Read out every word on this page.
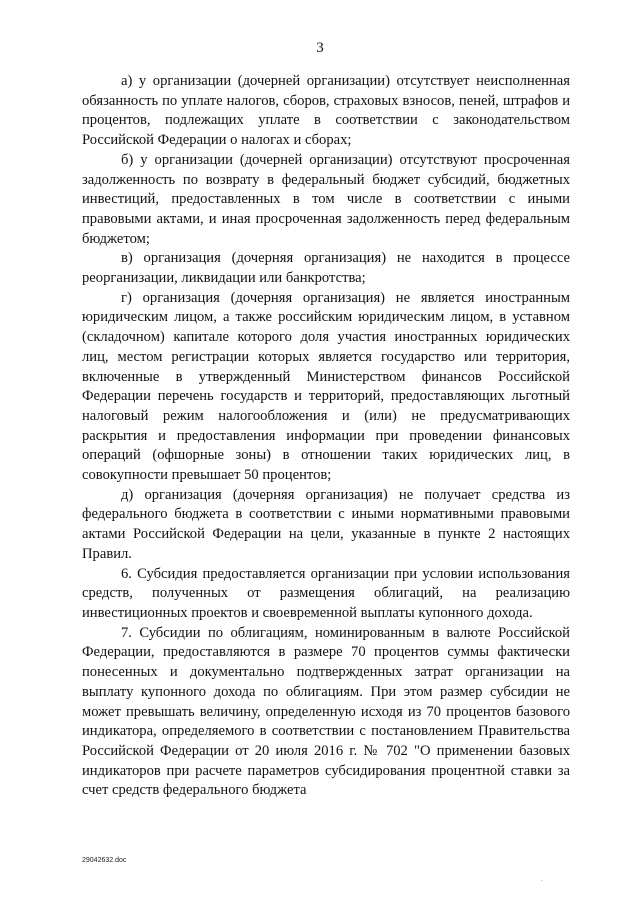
3

а) у организации (дочерней организации) отсутствует неисполненная обязанность по уплате налогов, сборов, страховых взносов, пеней, штрафов и процентов, подлежащих уплате в соответствии с законодательством Российской Федерации о налогах и сборах;

б) у организации (дочерней организации) отсутствуют просроченная задолженность по возврату в федеральный бюджет субсидий, бюджетных инвестиций, предоставленных в том числе в соответствии с иными правовыми актами, и иная просроченная задолженность перед федеральным бюджетом;

в) организация (дочерняя организация) не находится в процессе реорганизации, ликвидации или банкротства;

г) организация (дочерняя организация) не является иностранным юридическим лицом, а также российским юридическим лицом, в уставном (складочном) капитале которого доля участия иностранных юридических лиц, местом регистрации которых является государство или территория, включенные в утвержденный Министерством финансов Российской Федерации перечень государств и территорий, предоставляющих льготный налоговый режим налогообложения и (или) не предусматривающих раскрытия и предоставления информации при проведении финансовых операций (офшорные зоны) в отношении таких юридических лиц, в совокупности превышает 50 процентов;

д) организация (дочерняя организация) не получает средства из федерального бюджета в соответствии с иными нормативными правовыми актами Российской Федерации на цели, указанные в пункте 2 настоящих Правил.

6. Субсидия предоставляется организации при условии использования средств, полученных от размещения облигаций, на реализацию инвестиционных проектов и своевременной выплаты купонного дохода.

7. Субсидии по облигациям, номинированным в валюте Российской Федерации, предоставляются в размере 70 процентов суммы фактически понесенных и документально подтвержденных затрат организации на выплату купонного дохода по облигациям. При этом размер субсидии не может превышать величину, определенную исходя из 70 процентов базового индикатора, определяемого в соответствии с постановлением Правительства Российской Федерации от 20 июля 2016 г. № 702 "О применении базовых индикаторов при расчете параметров субсидирования процентной ставки за счет средств федерального бюджета

29042632.doc
.
